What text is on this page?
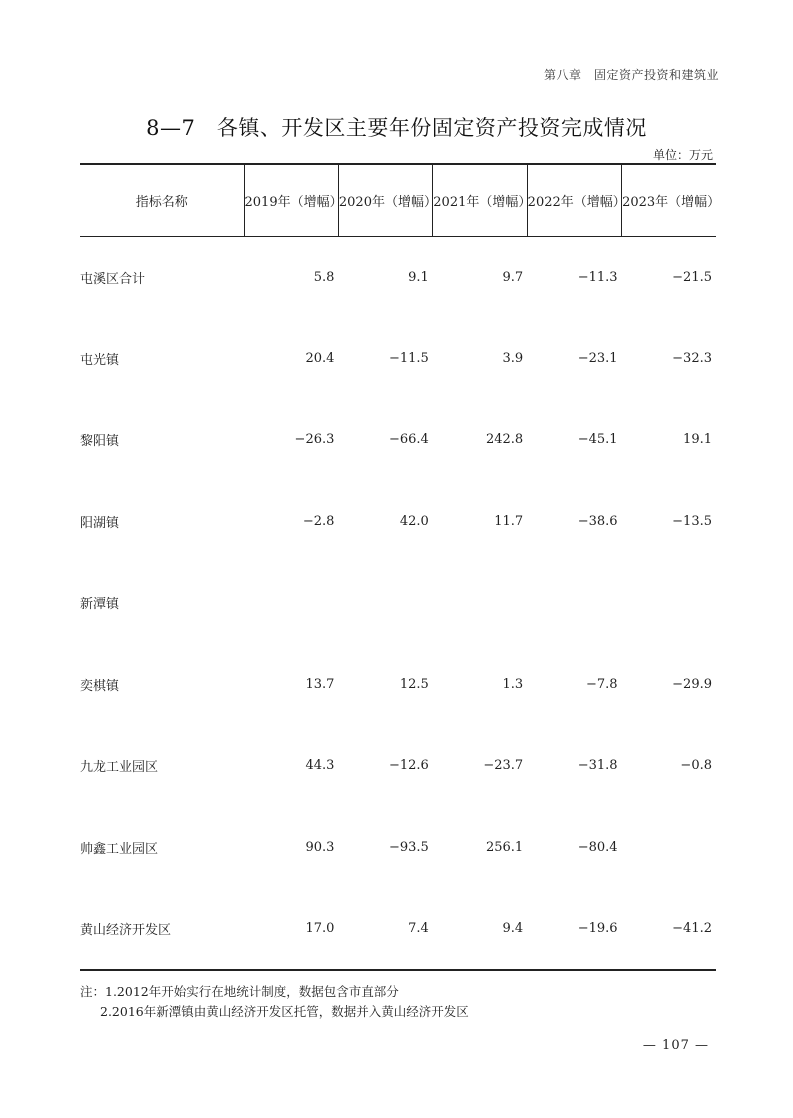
第八章　固定资产投资和建筑业
8—7　各镇、开发区主要年份固定资产投资完成情况
单位：万元
指标名称	2019年（增幅）	2020年（增幅）	2021年（增幅）	2022年（增幅）	2023年（增幅）
屯溪区合计	5.8	9.1	9.7	−11.3	−21.5
屯光镇	20.4	−11.5	3.9	−23.1	−32.3
黎阳镇	−26.3	−66.4	242.8	−45.1	19.1
阳湖镇	−2.8	42.0	11.7	−38.6	−13.5
新潭镇					
奕棋镇	13.7	12.5	1.3	−7.8	−29.9
九龙工业园区	44.3	−12.6	−23.7	−31.8	−0.8
帅鑫工业园区	90.3	−93.5	256.1	−80.4	
黄山经济开发区	17.0	7.4	9.4	−19.6	−41.2
注：1.2012年开始实行在地统计制度，数据包含市直部分
2.2016年新潭镇由黄山经济开发区托管，数据并入黄山经济开发区
— 107 —
